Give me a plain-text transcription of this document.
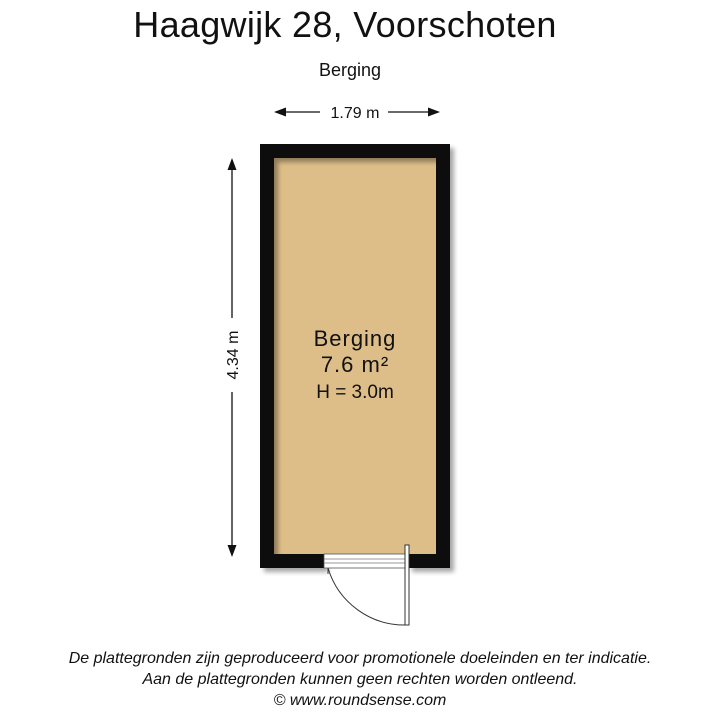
Haagwijk 28, Voorschoten
Berging
1.79 m
4.34 m	Berging
7.6 m²
H = 3.0m
De plattegronden zijn geproduceerd voor promotionele doeleinden en ter indicatie.
Aan de plattegronden kunnen geen rechten worden ontleend.
© www.roundsense.com
